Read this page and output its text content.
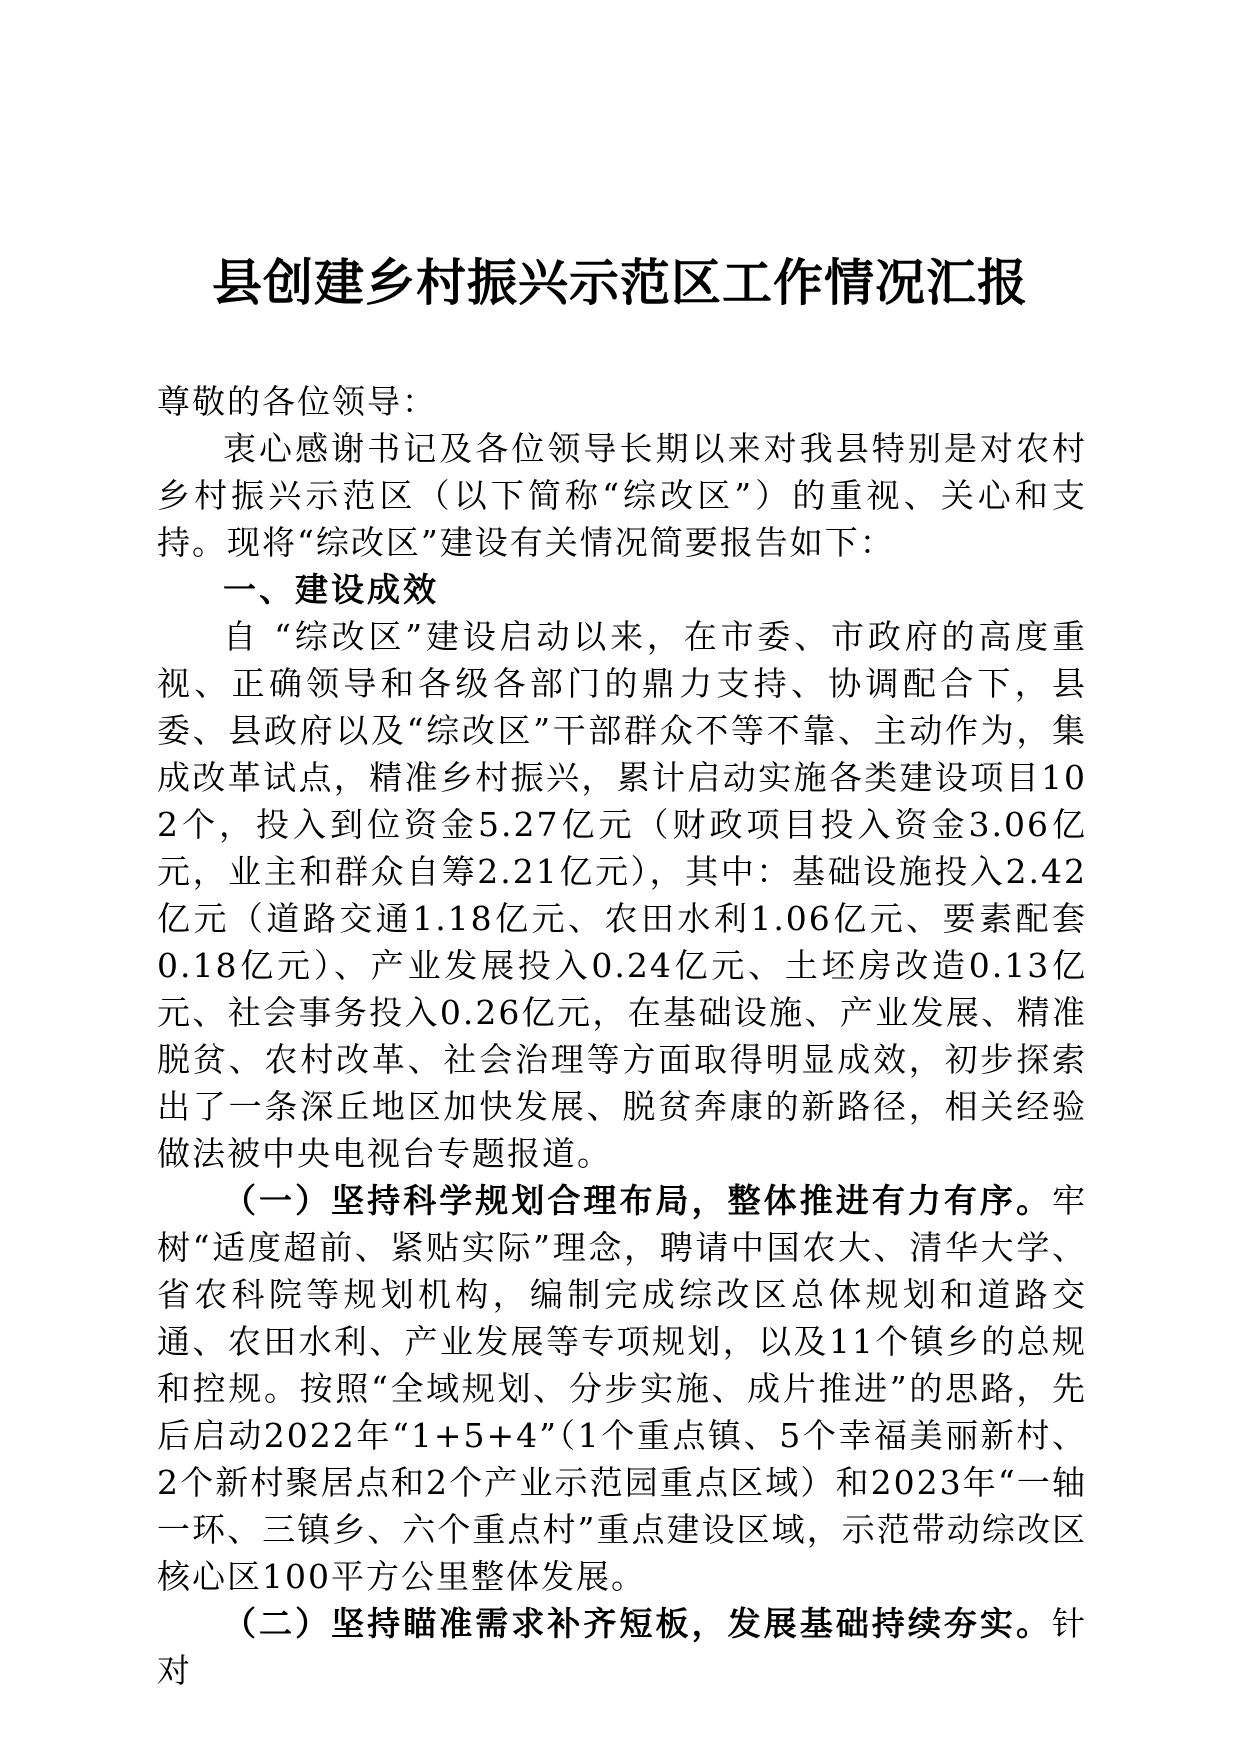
县创建乡村振兴示范区工作情况汇报

尊敬的各位领导：

衷心感谢书记及各位领导长期以来对我县特别是对农村乡村振兴示范区（以下简称“综改区”）的重视、关心和支持。现将“综改区”建设有关情况简要报告如下：

一、建设成效

自 “综改区”建设启动以来，在市委、市政府的高度重视、正确领导和各级各部门的鼎力支持、协调配合下，县委、县政府以及“综改区”干部群众不等不靠、主动作为，集成改革试点，精准乡村振兴，累计启动实施各类建设项目102个，投入到位资金5.27亿元（财政项目投入资金3.06亿元，业主和群众自筹2.21亿元），其中：基础设施投入2.42亿元（道路交通1.18亿元、农田水利1.06亿元、要素配套0.18亿元）、产业发展投入0.24亿元、土坯房改造0.13亿元、社会事务投入0.26亿元，在基础设施、产业发展、精准脱贫、农村改革、社会治理等方面取得明显成效，初步探索出了一条深丘地区加快发展、脱贫奔康的新路径，相关经验做法被中央电视台专题报道。

（一）坚持科学规划合理布局，整体推进有力有序。牢树“适度超前、紧贴实际”理念，聘请中国农大、清华大学、省农科院等规划机构，编制完成综改区总体规划和道路交通、农田水利、产业发展等专项规划，以及11个镇乡的总规和控规。按照“全域规划、分步实施、成片推进”的思路，先后启动2022年“1+5+4”（1个重点镇、5个幸福美丽新村、2个新村聚居点和2个产业示范园重点区域）和2023年“一轴一环、三镇乡、六个重点村”重点建设区域，示范带动综改区核心区100平方公里整体发展。

（二）坚持瞄准需求补齐短板，发展基础持续夯实。针对
